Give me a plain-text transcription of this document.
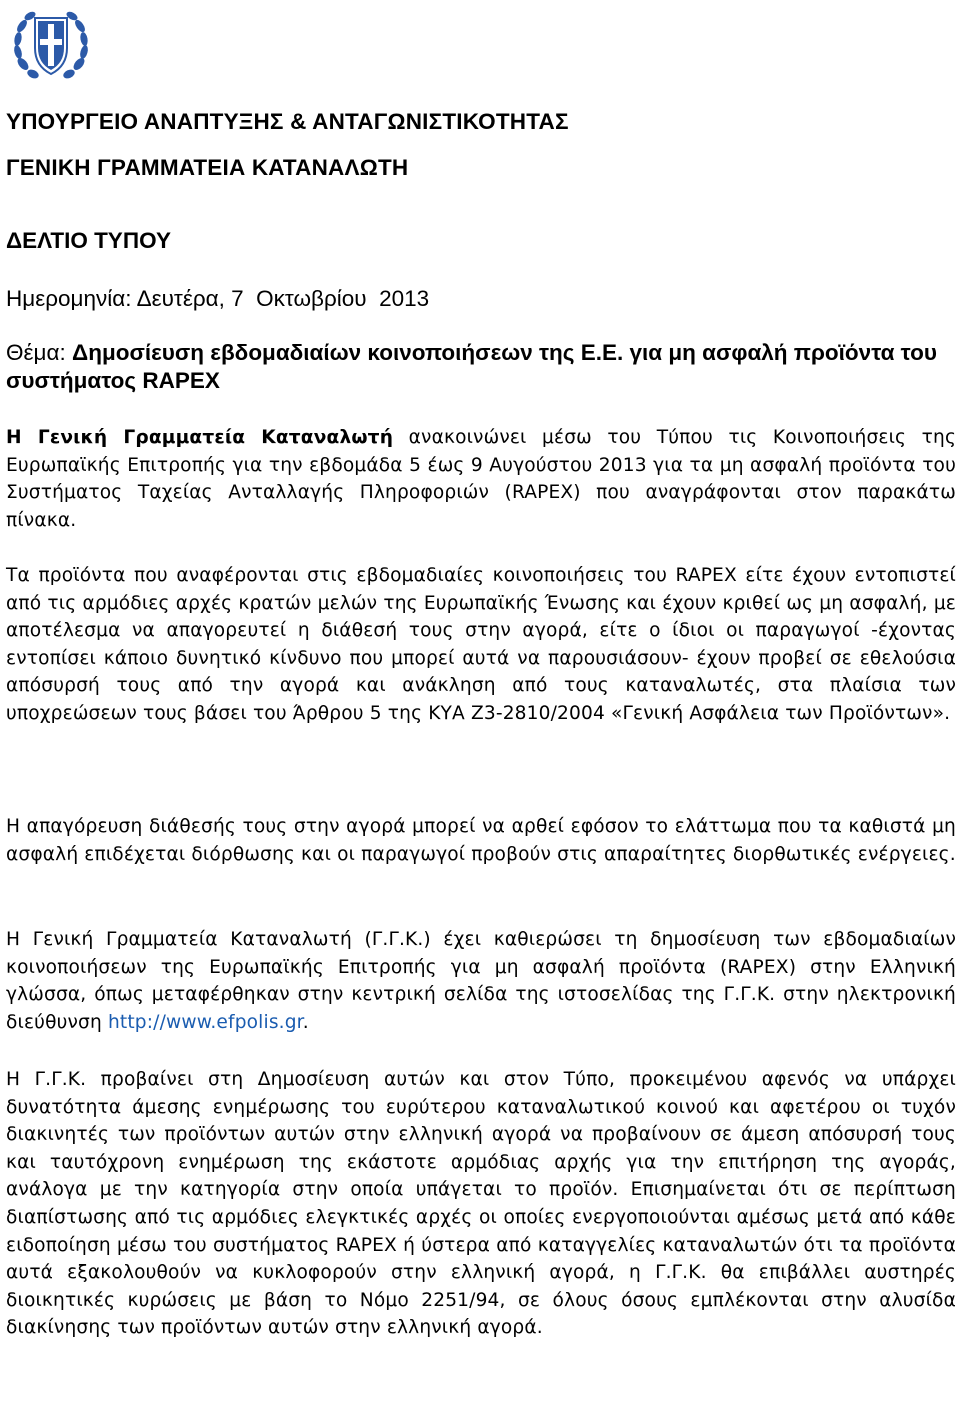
ΥΠΟΥΡΓΕΙΟ ΑΝΑΠΤΥΞΗΣ & ΑΝΤΑΓΩΝΙΣΤΙΚΟΤΗΤΑΣ
ΓΕΝΙΚΗ ΓΡΑΜΜΑΤΕΙΑ ΚΑΤΑΝΑΛΩΤΗ
ΔΕΛΤΙΟ ΤΥΠΟΥ
Ημερομηνία: Δευτέρα, 7  Οκτωβρίου  2013
Θέμα: Δημοσίευση εβδομαδιαίων κοινοποιήσεων της Ε.Ε. για μη ασφαλή προϊόντα του συστήματος RAPEX
Η Γενική Γραμματεία Καταναλωτή ανακοινώνει μέσω του Τύπου τις Κοινοποιήσεις της Ευρωπαϊκής Επιτροπής για την εβδομάδα 5 έως 9 Αυγούστου 2013 για τα μη ασφαλή προϊόντα του Συστήματος Ταχείας Ανταλλαγής Πληροφοριών (RAPEX) που αναγράφονται στον παρακάτω πίνακα.
Τα προϊόντα που αναφέρονται στις εβδομαδιαίες κοινοποιήσεις του RAPEX είτε έχουν εντοπιστεί από τις αρμόδιες αρχές κρατών μελών της Ευρωπαϊκής Ένωσης και έχουν κριθεί ως μη ασφαλή, με αποτέλεσμα να απαγορευτεί η διάθεσή τους στην αγορά, είτε ο ίδιοι οι παραγωγοί -έχοντας εντοπίσει κάποιο δυνητικό κίνδυνο που μπορεί αυτά να παρουσιάσουν- έχουν προβεί σε εθελούσια απόσυρσή τους από την αγορά και ανάκληση από τους καταναλωτές, στα πλαίσια των υποχρεώσεων τους βάσει του Άρθρου 5 της ΚΥΑ Ζ3-2810/2004 «Γενική Ασφάλεια των Προϊόντων».
Η απαγόρευση διάθεσής τους στην αγορά μπορεί να αρθεί εφόσον το ελάττωμα που τα καθιστά μη ασφαλή επιδέχεται διόρθωσης και οι παραγωγοί προβούν στις απαραίτητες διορθωτικές ενέργειες.
Η Γενική Γραμματεία Καταναλωτή (Γ.Γ.Κ.) έχει καθιερώσει τη δημοσίευση των εβδομαδιαίων κοινοποιήσεων της Ευρωπαϊκής Επιτροπής για μη ασφαλή προϊόντα (RAPEX) στην Ελληνική γλώσσα, όπως μεταφέρθηκαν στην κεντρική σελίδα της ιστοσελίδας της Γ.Γ.Κ. στην ηλεκτρονική διεύθυνση http://www.efpolis.gr.
Η Γ.Γ.Κ. προβαίνει στη Δημοσίευση αυτών και στον Τύπο, προκειμένου αφενός να υπάρχει δυνατότητα άμεσης ενημέρωσης του ευρύτερου καταναλωτικού κοινού και αφετέρου οι τυχόν διακινητές των προϊόντων αυτών στην ελληνική αγορά να προβαίνουν σε άμεση απόσυρσή τους και ταυτόχρονη ενημέρωση της εκάστοτε αρμόδιας αρχής για την επιτήρηση της αγοράς, ανάλογα με την κατηγορία στην οποία υπάγεται το προϊόν. Επισημαίνεται ότι σε περίπτωση διαπίστωσης από τις αρμόδιες ελεγκτικές αρχές οι οποίες ενεργοποιούνται αμέσως μετά από κάθε ειδοποίηση μέσω του συστήματος RAPEX ή ύστερα από καταγγελίες καταναλωτών ότι τα προϊόντα αυτά εξακολουθούν να κυκλοφορούν στην ελληνική αγορά, η Γ.Γ.Κ. θα επιβάλλει αυστηρές διοικητικές κυρώσεις με βάση το Νόμο 2251/94, σε όλους όσους εμπλέκονται στην αλυσίδα διακίνησης των προϊόντων αυτών στην ελληνική αγορά.
